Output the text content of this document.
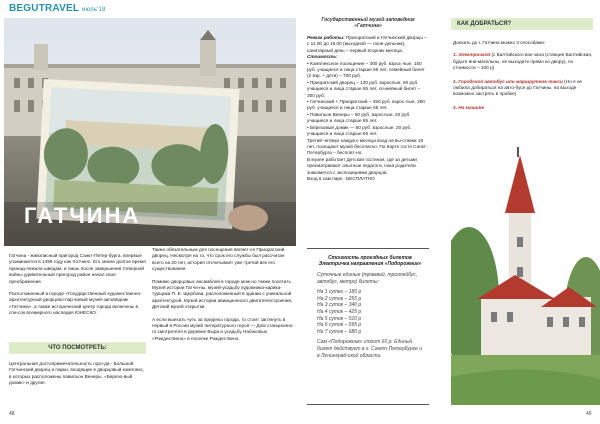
BEGUTRAVEL июль'18
ГАТЧИНА

Гатчина - живописный пригород Санкт-Петер-бурга, впервые упоминается в 1499 году как Хотчино. Его земли долгое время принад-лежали шведам, и лишь после завершения Северной войны удивительный пригород район начал свое преображение.

Расположенный в городе «Государственный художественно-архитектурный дворцово-пар-ковый музей-заповедник «Гатчина», а также исторический центр города включены в спи-сок всемирного наследия ЮНЕСКО.

ЧТО ПОСМОТРЕТЬ:
Центральная достопримечательность горо-да - Большой Гатчинский дворец и парки, входящие в дворцовый комплекс, в которых расположены павильон Венеры, «Березо-вый домик» и другие.

Также обязательным для посещения являет-ся Приоратский дворец. Несмотря на то, что срок его службы был рассчитан всего на 20 лет, история отсчитывает уже третий век его существования.

Помимо дворцовых ансамблей в городе мож-но также посетить Музей истории Гатчи-ны, музей-усадьбу художника-карика-турщика П. Е. Щербова, расположенный в здании с уникальной архитектурой. Музей истории авиационного двигателестроения, Детский музей открытки.

А если выехать чуть за пределы города, то стоит заглянуть в первый в России музей литературного героя — Дом станционно-го смотрителя в деревне Выра и усадьбу Набоковых «Рождествено» в поселке Рождествено.

48
Государственный музей-заповедник «Гатчина»
Режим работы: Пригоратский и Гатчинский дворцы – с 11.00 до 19.00 (выходной — поне-дельник), санитарный день – первый вторник месяца.
Стоимость:
• Комплексное посещение – 300 руб. взрос-лые, 150 руб. учащиеся и лица старше 65 лет, семейный билет (2 взр. + дети) – 700 руб.
• Приоратский дворец – 120 руб. взрослые, 60 руб. учащиеся и лица старше 65 лет, се-мейный билет – 300 руб.
• Гатчинский + Приоратский – 450 руб. взрос-лые, 290 руб. учащиеся и лица старше 65 лет.
• Павильон Венеры – 50 руб. взрослые, 20 руб. учащиеся и лица старше 65 лет.
• Березовый домик — 50 руб. взрослые, 20 руб. учащиеся и лица старше 65 лет.
Третий четверг каждого месяца вход на вы-ставки 18 лет, посещают музей бесплатно. По Карте гостя Санкт-Петербурга – бесплат-но.
В музее работает Детская гостиная, где за детьми присматривают опытные педагоги, пока родители знакомятся с экспозициями дворцов.
Вход в сам парк - БЕСПЛАТНО
Стоимость проездных билетов Электричка направления «Подорожник»
Суточные единые (трамвай, троллейбус, автобус, метро) билеты:
На 1 сутки – 180 р
На 2 суток – 255 р
На 3 суток – 340 р
На 4 суток – 425 р
На 5 суток – 510 р
На 6 суток – 595 р
На 7 суток – 680 р
Сам «Подорожник» стоит 60 р. Единый билет действует в г. Санкт-Петербурге и в Ленинград-ской области.
КАК ДОБРАТЬСЯ?

Доехать до г. Гатчина можно 3 способами:

1. Электричкой (с Балтийского вок-зала (станция Балтийская, будьте вни-мательны, не выходите прямо ко двору), по стоимости ~ 100 р)
2. Городской автобус или маршрутное такси (Но я не любила добираться на авто-бусе до Гатчины, на выходе возможно застрять в пробке)
3. На машине
49
